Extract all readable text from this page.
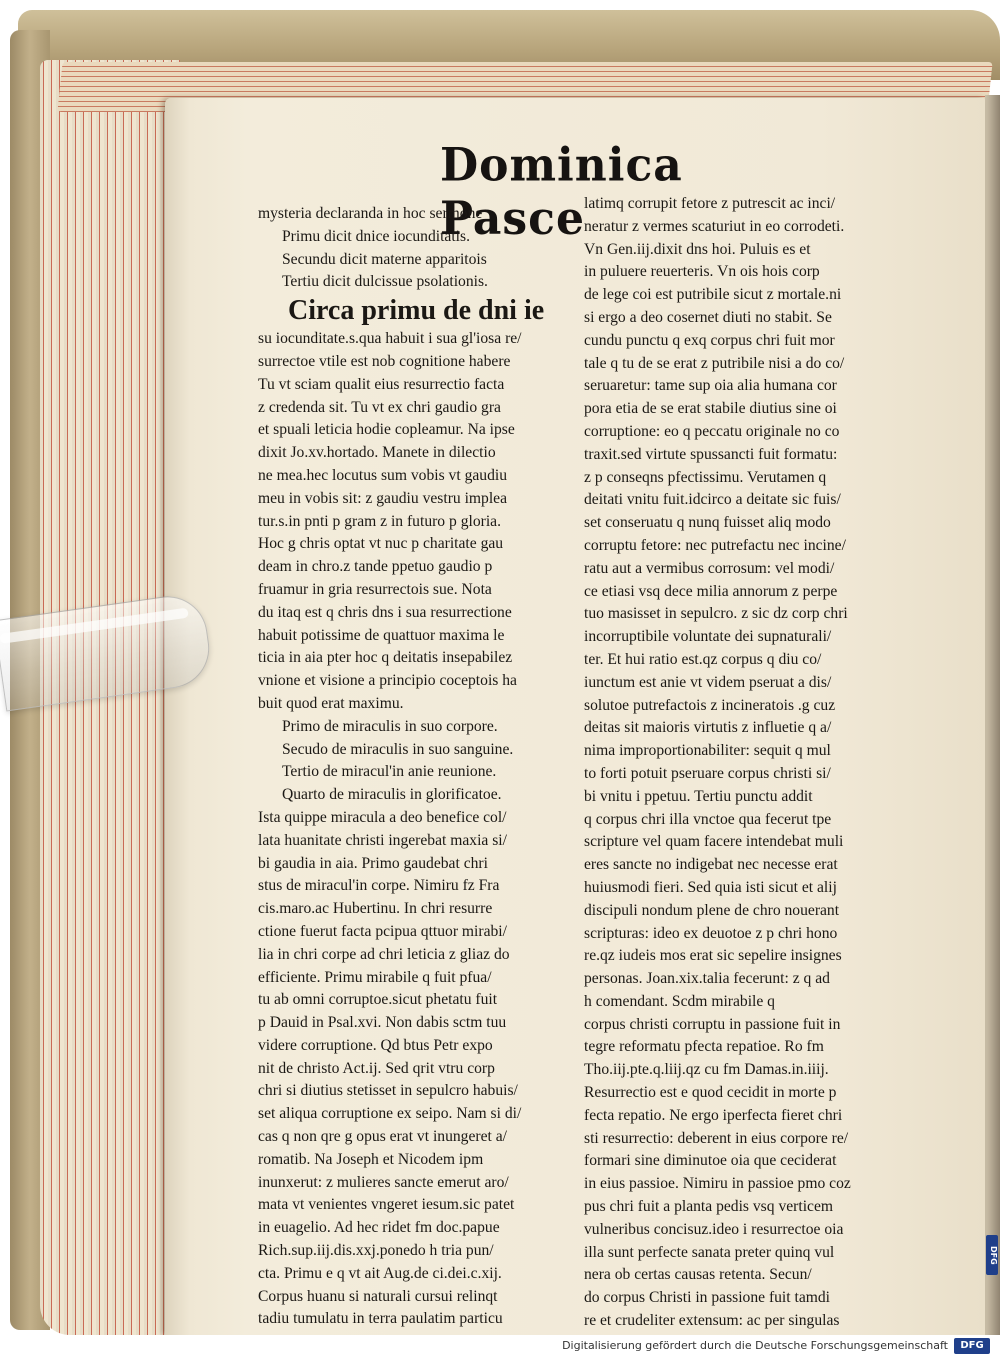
Dominica Pasce
mysteria declaranda in hoc sermone
Primu dicit dnice iocunditatis.
Secundu dicit materne apparitois
Tertiu dicit dulcissue psolationis.
Circa primu de dni ie
su iocunditate.s.qua habuit i sua gl'iosa re/
surrectoe vtile est nob cognitione habere
Tu vt sciam qualit eius resurrectio facta
z credenda sit. Tu vt ex chri gaudio gra
et spuali leticia hodie copleamur. Na ipse
dixit Jo.xv.hortado. Manete in dilectio
ne mea.hec locutus sum vobis vt gaudiu
meu in vobis sit: z gaudiu vestru implea
tur.s.in pnti p gram z in futuro p gloria.
Hoc g chris optat vt nuc p charitate gau
deam in chro.z tande ppetuo gaudio p
fruamur in gria resurrectois sue. Nota
du itaq est q chris dns i sua resurrectione
habuit potissime de quattuor maxima le
ticia in aia pter hoc q deitatis insepabilez
vnione et visione a principio coceptois ha
buit quod erat maximu.
Primo de miraculis in suo corpore.
Secudo de miraculis in suo sanguine.
Tertio de miracul'in anie reunione.
Quarto de miraculis in glorificatoe.
Ista quippe miracula a deo benefice col/
lata huanitate christi ingerebat maxia si/
bi gaudia in aia. Primo gaudebat chri
stus de miracul'in corpe. Nimiru fz Fra
cis.maro.ac Hubertinu. In chri resurre
ctione fuerut facta pcipua qttuor mirabi/
lia in chri corpe ad chri leticia z gliaz do
efficiente. Primu mirabile q fuit pfua/
tu ab omni corruptoe.sicut phetatu fuit
p Dauid in Psal.xvi. Non dabis sctm tuu
videre corruptione. Qd btus Petr expo
nit de christo Act.ij. Sed qrit vtru corp
chri si diutius stetisset in sepulcro habuis/
set aliqua corruptione ex seipo. Nam si di/
cas q non qre g opus erat vt inungeret a/
romatib. Na Joseph et Nicodem ipm
inunxerut: z mulieres sancte emerut aro/
mata vt venientes vngeret iesum.sic patet
in euagelio. Ad hec ridet fm doc.papue
Rich.sup.iij.dis.xxj.ponedo h tria pun/
cta. Primu e q vt ait Aug.de ci.dei.c.xij.
Corpus huanu si naturali cursui relinqt
tadiu tumulatu in terra paulatim particu
latimq corrupit fetore z putrescit ac inci/
neratur z vermes scaturiut in eo corrodeti.
Vn Gen.iij.dixit dns hoi. Puluis es et
in puluere reuerteris. Vn ois hois corp
de lege coi est putribile sicut z mortale.ni
si ergo a deo cosernet diuti no stabit. Se
cundu punctu q exq corpus chri fuit mor
tale q tu de se erat z putribile nisi a do co/
seruaretur: tame sup oia alia humana cor
pora etia de se erat stabile diutius sine oi
corruptione: eo q peccatu originale no co
traxit.sed virtute spussancti fuit formatu:
z p conseqns pfectissimu. Verutamen q
deitati vnitu fuit.idcirco a deitate sic fuis/
set conseruatu q nunq fuisset aliq modo
corruptu fetore: nec putrefactu nec incine/
ratu aut a vermibus corrosum: vel modi/
ce etiasi vsq dece milia annorum z perpe
tuo masisset in sepulcro. z sic dz corp chri
incorruptibile voluntate dei supnaturali/
ter. Et hui ratio est.qz corpus q diu co/
iunctum est anie vt videm pseruat a dis/
solutoe putrefactois z incineratois .g cuz
deitas sit maioris virtutis z influetie q a/
nima improportionabiliter: sequit q mul
to forti potuit pseruare corpus christi si/
bi vnitu i ppetuu. Tertiu punctu addit
q corpus chri illa vnctoe qua fecerut tpe
scripture vel quam facere intendebat muli
eres sancte no indigebat nec necesse erat
huiusmodi fieri. Sed quia isti sicut et alij
discipuli nondum plene de chro nouerant
scripturas: ideo ex deuotoe z p chri hono
re.qz iudeis mos erat sic sepelire insignes
personas. Joan.xix.talia fecerunt: z q ad
h comendant. Scdm mirabile q
corpus christi corruptu in passione fuit in
tegre reformatu pfecta repatioe. Ro fm
Tho.iij.pte.q.liij.qz cu fm Damas.in.iiij.
Resurrectio est e quod cecidit in morte p
fecta repatio. Ne ergo iperfecta fieret chri
sti resurrectio: deberent in eius corpore re/
formari sine diminutoe oia que ceciderat
in eius passioe. Nimiru in passioe pmo coz
pus chri fuit a planta pedis vsq verticem
vulneribus concisuz.ideo i resurrectoe oia
illa sunt perfecte sanata preter quinq vul
nera ob certas causas retenta. Secun/
do corpus Christi in passione fuit tamdi
re et crudeliter extensum: ac per singulas
DFG
Digitalisierung gefördert durch die Deutsche Forschungsgemeinschaft	DFG
